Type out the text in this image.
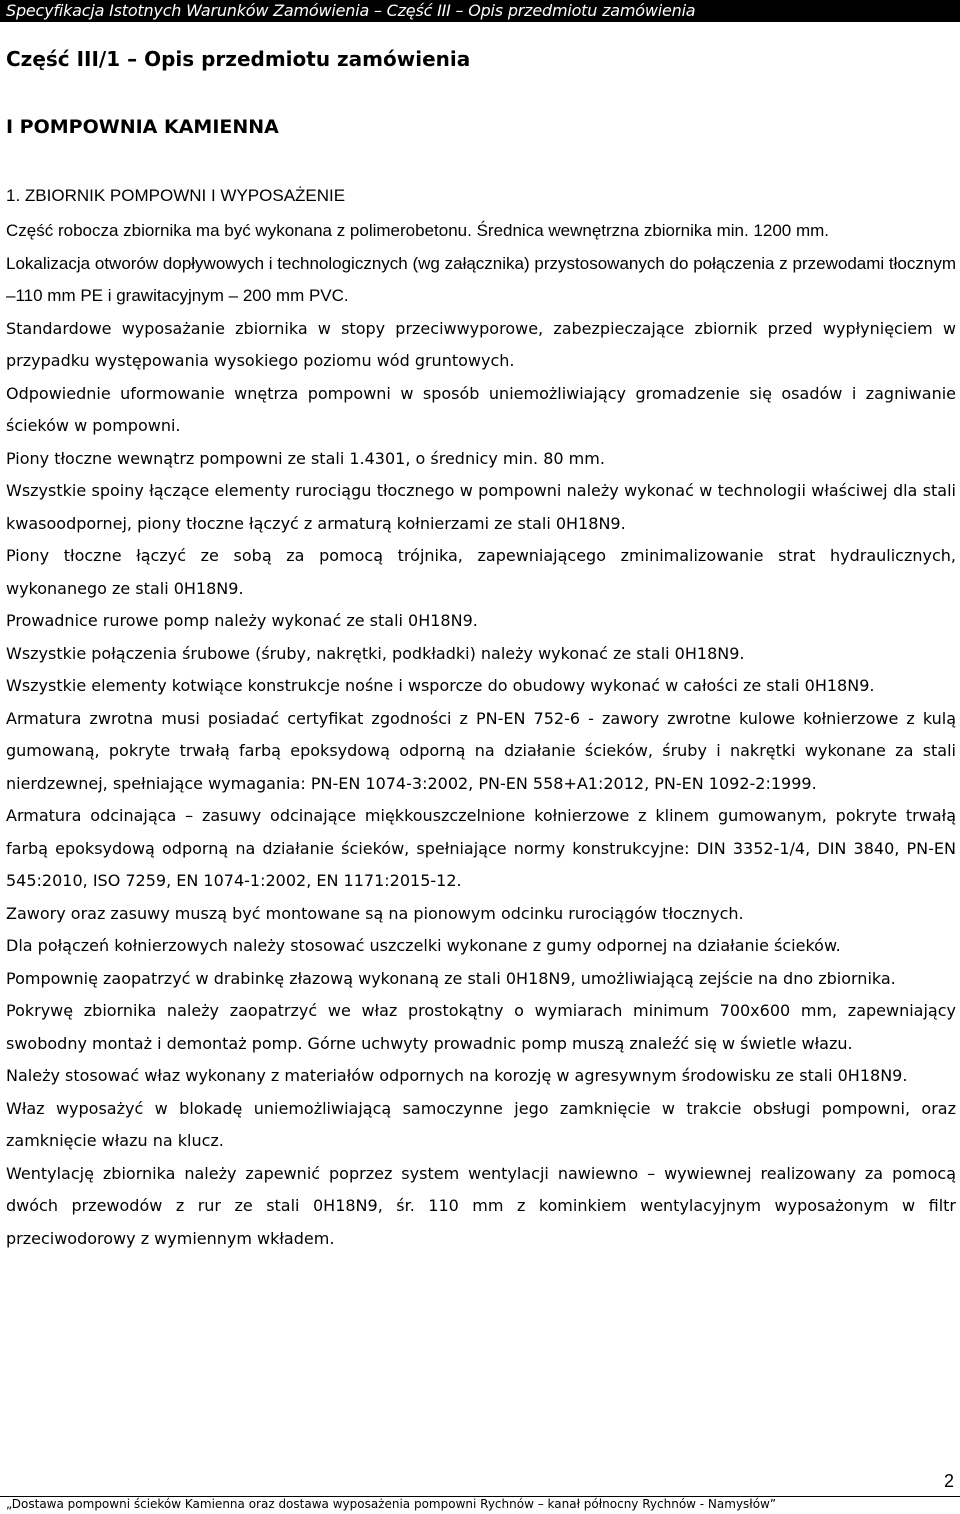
Specyfikacja Istotnych Warunków Zamówienia – Część III – Opis przedmiotu zamówienia
Część III/1 – Opis przedmiotu zamówienia
I POMPOWNIA KAMIENNA
1. ZBIORNIK POMPOWNI I WYPOSAŻENIE

Część robocza zbiornika ma być wykonana z polimerobetonu. Średnica wewnętrzna zbiornika min. 1200 mm.

Lokalizacja otworów dopływowych i technologicznych (wg załącznika) przystosowanych do połączenia z przewodami tłocznym –110 mm PE i grawitacyjnym – 200 mm PVC.

Standardowe wyposażanie zbiornika w stopy przeciwwyporowe, zabezpieczające zbiornik przed wypłynięciem w przypadku występowania wysokiego poziomu wód gruntowych.

Odpowiednie uformowanie wnętrza pompowni w sposób uniemożliwiający gromadzenie się osadów i zagniwanie ścieków w pompowni.

Piony tłoczne wewnątrz pompowni ze stali 1.4301, o średnicy min. 80 mm.

Wszystkie spoiny łączące elementy rurociągu tłocznego w pompowni należy wykonać w technologii właściwej dla stali kwasoodpornej, piony tłoczne łączyć z armaturą kołnierzami ze stali 0H18N9.

Piony tłoczne łączyć ze sobą za pomocą trójnika, zapewniającego zminimalizowanie strat hydraulicznych, wykonanego ze stali 0H18N9.

Prowadnice rurowe pomp należy wykonać ze stali 0H18N9.

Wszystkie połączenia śrubowe (śruby, nakrętki, podkładki) należy wykonać ze stali 0H18N9.

Wszystkie elementy kotwiące konstrukcje nośne i wsporcze do obudowy wykonać w całości ze stali 0H18N9.

Armatura zwrotna musi posiadać certyfikat zgodności z PN-EN 752-6 - zawory zwrotne kulowe kołnierzowe z kulą gumowaną, pokryte trwałą farbą epoksydową odporną na działanie ścieków, śruby i nakrętki wykonane za stali nierdzewnej, spełniające wymagania: PN-EN 1074-3:2002, PN-EN 558+A1:2012, PN-EN 1092-2:1999.

Armatura odcinająca – zasuwy odcinające miękkouszczelnione kołnierzowe z klinem gumowanym, pokryte trwałą farbą epoksydową odporną na działanie ścieków, spełniające normy konstrukcyjne: DIN 3352-1/4, DIN 3840, PN-EN 545:2010, ISO 7259, EN 1074-1:2002, EN 1171:2015-12.

Zawory oraz zasuwy muszą być montowane są na pionowym odcinku rurociągów tłocznych.

Dla połączeń kołnierzowych należy stosować uszczelki wykonane z gumy odpornej na działanie ścieków.

Pompownię zaopatrzyć w drabinkę złazową wykonaną ze stali 0H18N9, umożliwiającą zejście na dno zbiornika.

Pokrywę zbiornika należy zaopatrzyć we właz prostokątny o wymiarach minimum 700x600 mm, zapewniający swobodny montaż i demontaż pomp. Górne uchwyty prowadnic pomp muszą znaleźć się w świetle włazu.

Należy stosować właz wykonany z materiałów odpornych na korozję w agresywnym środowisku ze stali 0H18N9.

Właz wyposażyć w blokadę uniemożliwiającą samoczynne jego zamknięcie w trakcie obsługi pompowni, oraz zamknięcie włazu na klucz.

Wentylację zbiornika należy zapewnić poprzez system wentylacji nawiewno – wywiewnej realizowany za pomocą dwóch przewodów z rur ze stali 0H18N9, śr. 110 mm z kominkiem wentylacyjnym wyposażonym w filtr przeciwodorowy z wymiennym wkładem.

2
„Dostawa pompowni ścieków Kamienna oraz dostawa wyposażenia pompowni Rychnów – kanał północny Rychnów - Namysłów”
